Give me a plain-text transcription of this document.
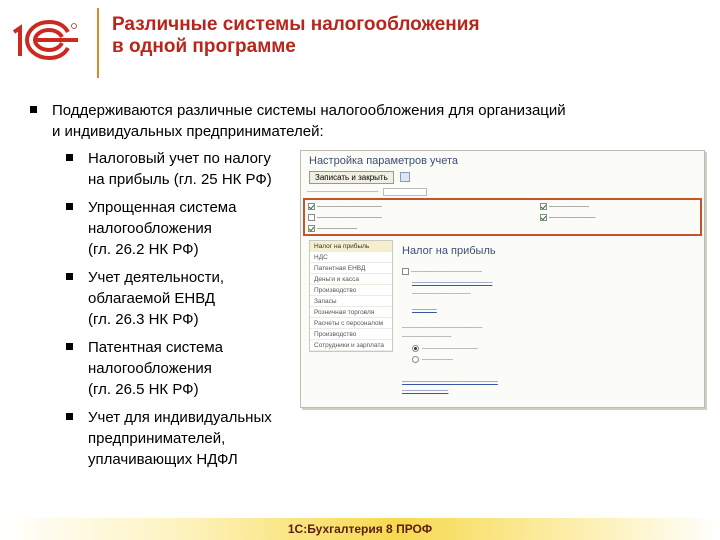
Различные системы налогообложения
в одной программе
Поддерживаются различные системы налогообложения для организаций
и индивидуальных предпринимателей:
Налоговый учет по налогу
на прибыль (гл. 25 НК РФ)
Упрощенная система
налогообложения
(гл. 26.2 НК РФ)
Учет деятельности,
облагаемой ЕНВД
(гл. 26.3 НК РФ)
Патентная система
налогообложения
(гл. 26.5 НК РФ)
Учет для индивидуальных
предпринимателей,
уплачивающих НДФЛ
Настройка параметров учета
Записать и закрыть
———————————
⎯⎯⎯⎯⎯⎯⎯⎯⎯⎯⎯⎯⎯⎯⎯⎯⎯⎯⎯⎯⎯
⎯⎯⎯⎯⎯⎯⎯⎯⎯⎯⎯⎯⎯⎯⎯⎯⎯⎯⎯⎯⎯
⎯⎯⎯⎯⎯⎯⎯⎯⎯⎯⎯⎯⎯
⎯⎯⎯⎯⎯⎯⎯⎯⎯⎯⎯⎯⎯
⎯⎯⎯⎯⎯⎯⎯⎯⎯⎯⎯⎯⎯⎯⎯
Налог на прибыль
НДС
Патентная ЕНВД
Деньги и касса
Производство
Запасы
Розничная торговля
Расчеты с персоналом
Производство
Сотрудники и зарплата
Налог на прибыль
⎯⎯⎯⎯⎯⎯⎯⎯⎯⎯⎯⎯⎯⎯⎯⎯⎯⎯⎯⎯⎯⎯⎯
⎯⎯⎯⎯⎯⎯⎯⎯⎯⎯⎯⎯⎯⎯⎯⎯⎯⎯⎯⎯⎯⎯⎯⎯⎯⎯
⎯⎯⎯⎯⎯⎯⎯⎯⎯⎯⎯⎯⎯⎯⎯⎯⎯⎯⎯
⎯⎯⎯⎯⎯⎯⎯⎯
⎯⎯⎯⎯⎯⎯⎯⎯⎯⎯⎯⎯⎯⎯⎯⎯⎯⎯⎯⎯⎯⎯⎯⎯⎯⎯
⎯⎯⎯⎯⎯⎯⎯⎯⎯⎯⎯⎯⎯⎯⎯⎯
⎯⎯⎯⎯⎯⎯⎯⎯⎯⎯⎯⎯⎯⎯⎯⎯⎯⎯
⎯⎯⎯⎯⎯⎯⎯⎯⎯⎯
⎯⎯⎯⎯⎯⎯⎯⎯⎯⎯⎯⎯⎯⎯⎯⎯⎯⎯⎯⎯⎯⎯⎯⎯⎯⎯⎯⎯⎯⎯⎯
⎯⎯⎯⎯⎯⎯⎯⎯⎯⎯⎯⎯⎯⎯⎯
1С:Бухгалтерия 8 ПРОФ
